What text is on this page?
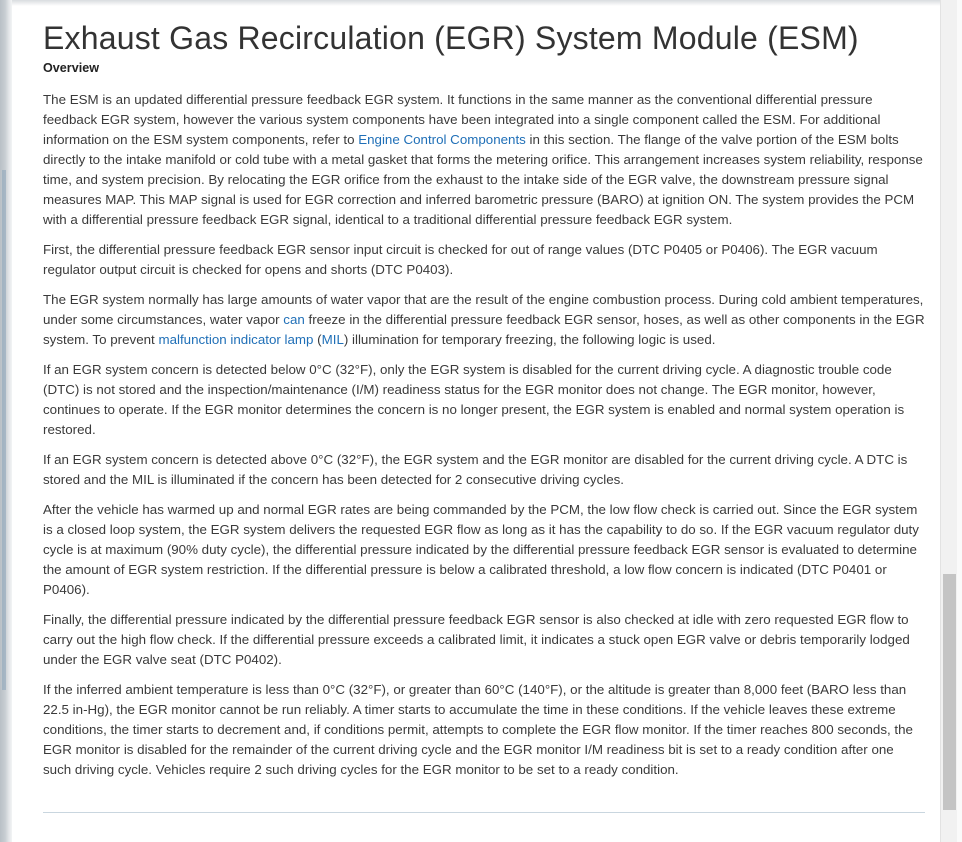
Exhaust Gas Recirculation (EGR) System Module (ESM)
Overview

The ESM is an updated differential pressure feedback EGR system. It functions in the same manner as the conventional differential pressure feedback EGR system, however the various system components have been integrated into a single component called the ESM. For additional information on the ESM system components, refer to Engine Control Components in this section. The flange of the valve portion of the ESM bolts directly to the intake manifold or cold tube with a metal gasket that forms the metering orifice. This arrangement increases system reliability, response time, and system precision. By relocating the EGR orifice from the exhaust to the intake side of the EGR valve, the downstream pressure signal measures MAP. This MAP signal is used for EGR correction and inferred barometric pressure (BARO) at ignition ON. The system provides the PCM with a differential pressure feedback EGR signal, identical to a traditional differential pressure feedback EGR system.

First, the differential pressure feedback EGR sensor input circuit is checked for out of range values (DTC P0405 or P0406). The EGR vacuum regulator output circuit is checked for opens and shorts (DTC P0403).

The EGR system normally has large amounts of water vapor that are the result of the engine combustion process. During cold ambient temperatures, under some circumstances, water vapor can freeze in the differential pressure feedback EGR sensor, hoses, as well as other components in the EGR system. To prevent malfunction indicator lamp (MIL) illumination for temporary freezing, the following logic is used.

If an EGR system concern is detected below 0°C (32°F), only the EGR system is disabled for the current driving cycle. A diagnostic trouble code (DTC) is not stored and the inspection/maintenance (I/M) readiness status for the EGR monitor does not change. The EGR monitor, however, continues to operate. If the EGR monitor determines the concern is no longer present, the EGR system is enabled and normal system operation is restored.

If an EGR system concern is detected above 0°C (32°F), the EGR system and the EGR monitor are disabled for the current driving cycle. A DTC is stored and the MIL is illuminated if the concern has been detected for 2 consecutive driving cycles.

After the vehicle has warmed up and normal EGR rates are being commanded by the PCM, the low flow check is carried out. Since the EGR system is a closed loop system, the EGR system delivers the requested EGR flow as long as it has the capability to do so. If the EGR vacuum regulator duty cycle is at maximum (90% duty cycle), the differential pressure indicated by the differential pressure feedback EGR sensor is evaluated to determine the amount of EGR system restriction. If the differential pressure is below a calibrated threshold, a low flow concern is indicated (DTC P0401 or P0406).

Finally, the differential pressure indicated by the differential pressure feedback EGR sensor is also checked at idle with zero requested EGR flow to carry out the high flow check. If the differential pressure exceeds a calibrated limit, it indicates a stuck open EGR valve or debris temporarily lodged under the EGR valve seat (DTC P0402).

If the inferred ambient temperature is less than 0°C (32°F), or greater than 60°C (140°F), or the altitude is greater than 8,000 feet (BARO less than 22.5 in-Hg), the EGR monitor cannot be run reliably. A timer starts to accumulate the time in these conditions. If the vehicle leaves these extreme conditions, the timer starts to decrement and, if conditions permit, attempts to complete the EGR flow monitor. If the timer reaches 800 seconds, the EGR monitor is disabled for the remainder of the current driving cycle and the EGR monitor I/M readiness bit is set to a ready condition after one such driving cycle. Vehicles require 2 such driving cycles for the EGR monitor to be set to a ready condition.
